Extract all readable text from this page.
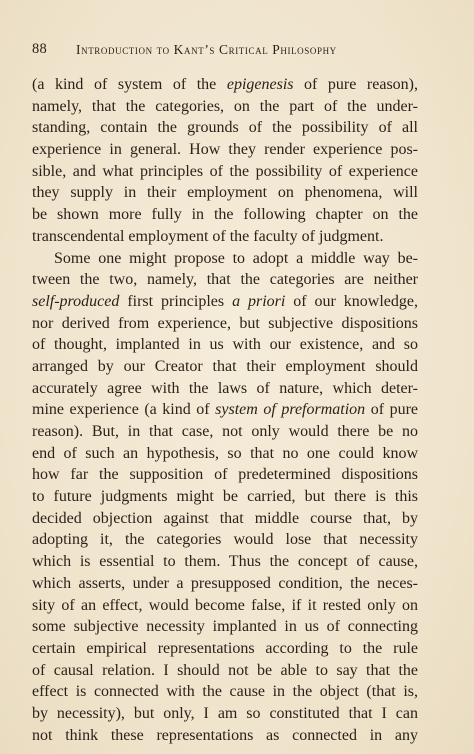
88 Introduction to Kant’s Critical Philosophy
(a kind of system of the epigenesis of pure reason),
namely, that the categories, on the part of the under-
standing, contain the grounds of the possibility of all
experience in general. How they render experience pos-
sible, and what principles of the possibility of experience
they supply in their employment on phenomena, will
be shown more fully in the following chapter on the
transcendental employment of the faculty of judgment.
Some one might propose to adopt a middle way be-
tween the two, namely, that the categories are neither
self-produced first principles a priori of our knowledge,
nor derived from experience, but subjective dispositions
of thought, implanted in us with our existence, and so
arranged by our Creator that their employment should
accurately agree with the laws of nature, which deter-
mine experience (a kind of system of preformation of pure
reason). But, in that case, not only would there be no
end of such an hypothesis, so that no one could know
how far the supposition of predetermined dispositions
to future judgments might be carried, but there is this
decided objection against that middle course that, by
adopting it, the categories would lose that necessity
which is essential to them. Thus the concept of cause,
which asserts, under a presupposed condition, the neces-
sity of an effect, would become false, if it rested only on
some subjective necessity implanted in us of connecting
certain empirical representations according to the rule
of causal relation. I should not be able to say that the
effect is connected with the cause in the object (that is,
by necessity), but only, I am so constituted that I can
not think these representations as connected in any
